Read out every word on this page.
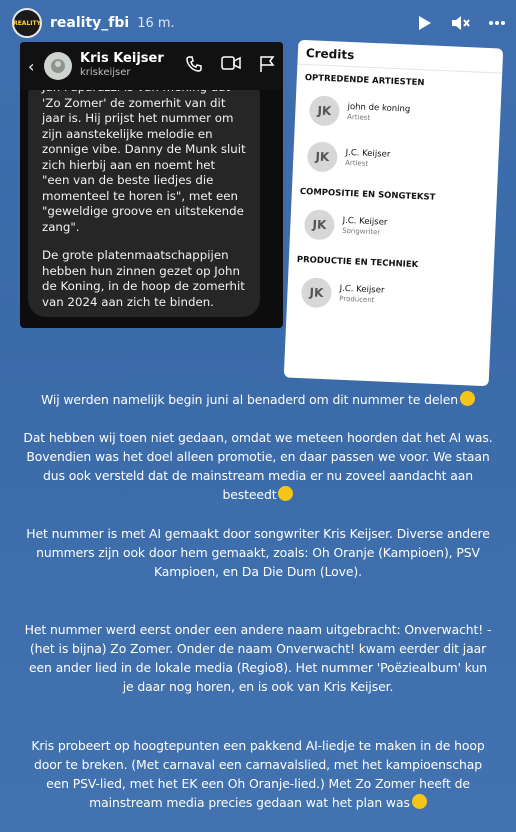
REALITY reality_fbi 16 m.
‹	Kris Keijser
kriskeijser

'Zo Zomer' de zomerhit van dit jaar is. Hij prijst het nummer om zijn aanstekelijke melodie en zonnige vibe. Danny de Munk sluit zich hierbij aan en noemt het "een van de beste liedjes die momenteel te horen is", met een "geweldige groove en uitstekende zang".

De grote platenmaatschappijen hebben hun zinnen gezet op John de Koning, in de hoop de zomerhit van 2024 aan zich te binden.

Credits
OPTREDENDE ARTIESTEN
JK	john de koning
Artiest
JK	J.C. Keijser
Artiest
COMPOSITIE EN SONGTEKST
JK	J.C. Keijser
Songwriter
PRODUCTIE EN TECHNIEK
JK	J.C. Keijser
Producent

Wij werden namelijk begin juni al benaderd om dit nummer te delen

Dat hebben wij toen niet gedaan, omdat we meteen hoorden dat het AI was. Bovendien was het doel alleen promotie, en daar passen we voor. We staan dus ook versteld dat de mainstream media er nu zoveel aandacht aan besteedt

Het nummer is met AI gemaakt door songwriter Kris Keijser. Diverse andere nummers zijn ook door hem gemaakt, zoals: Oh Oranje (Kampioen), PSV Kampioen, en Da Die Dum (Love).

Het nummer werd eerst onder een andere naam uitgebracht: Onverwacht! - (het is bijna) Zo Zomer. Onder de naam Onverwacht! kwam eerder dit jaar een ander lied in de lokale media (Regio8). Het nummer 'Poëziealbum' kun je daar nog horen, en is ook van Kris Keijser.

Kris probeert op hoogtepunten een pakkend AI-liedje te maken in de hoop door te breken. (Met carnaval een carnavalslied, met het kampioenschap een PSV-lied, met het EK een Oh Oranje-lied.) Met Zo Zomer heeft de mainstream media precies gedaan wat het plan was
